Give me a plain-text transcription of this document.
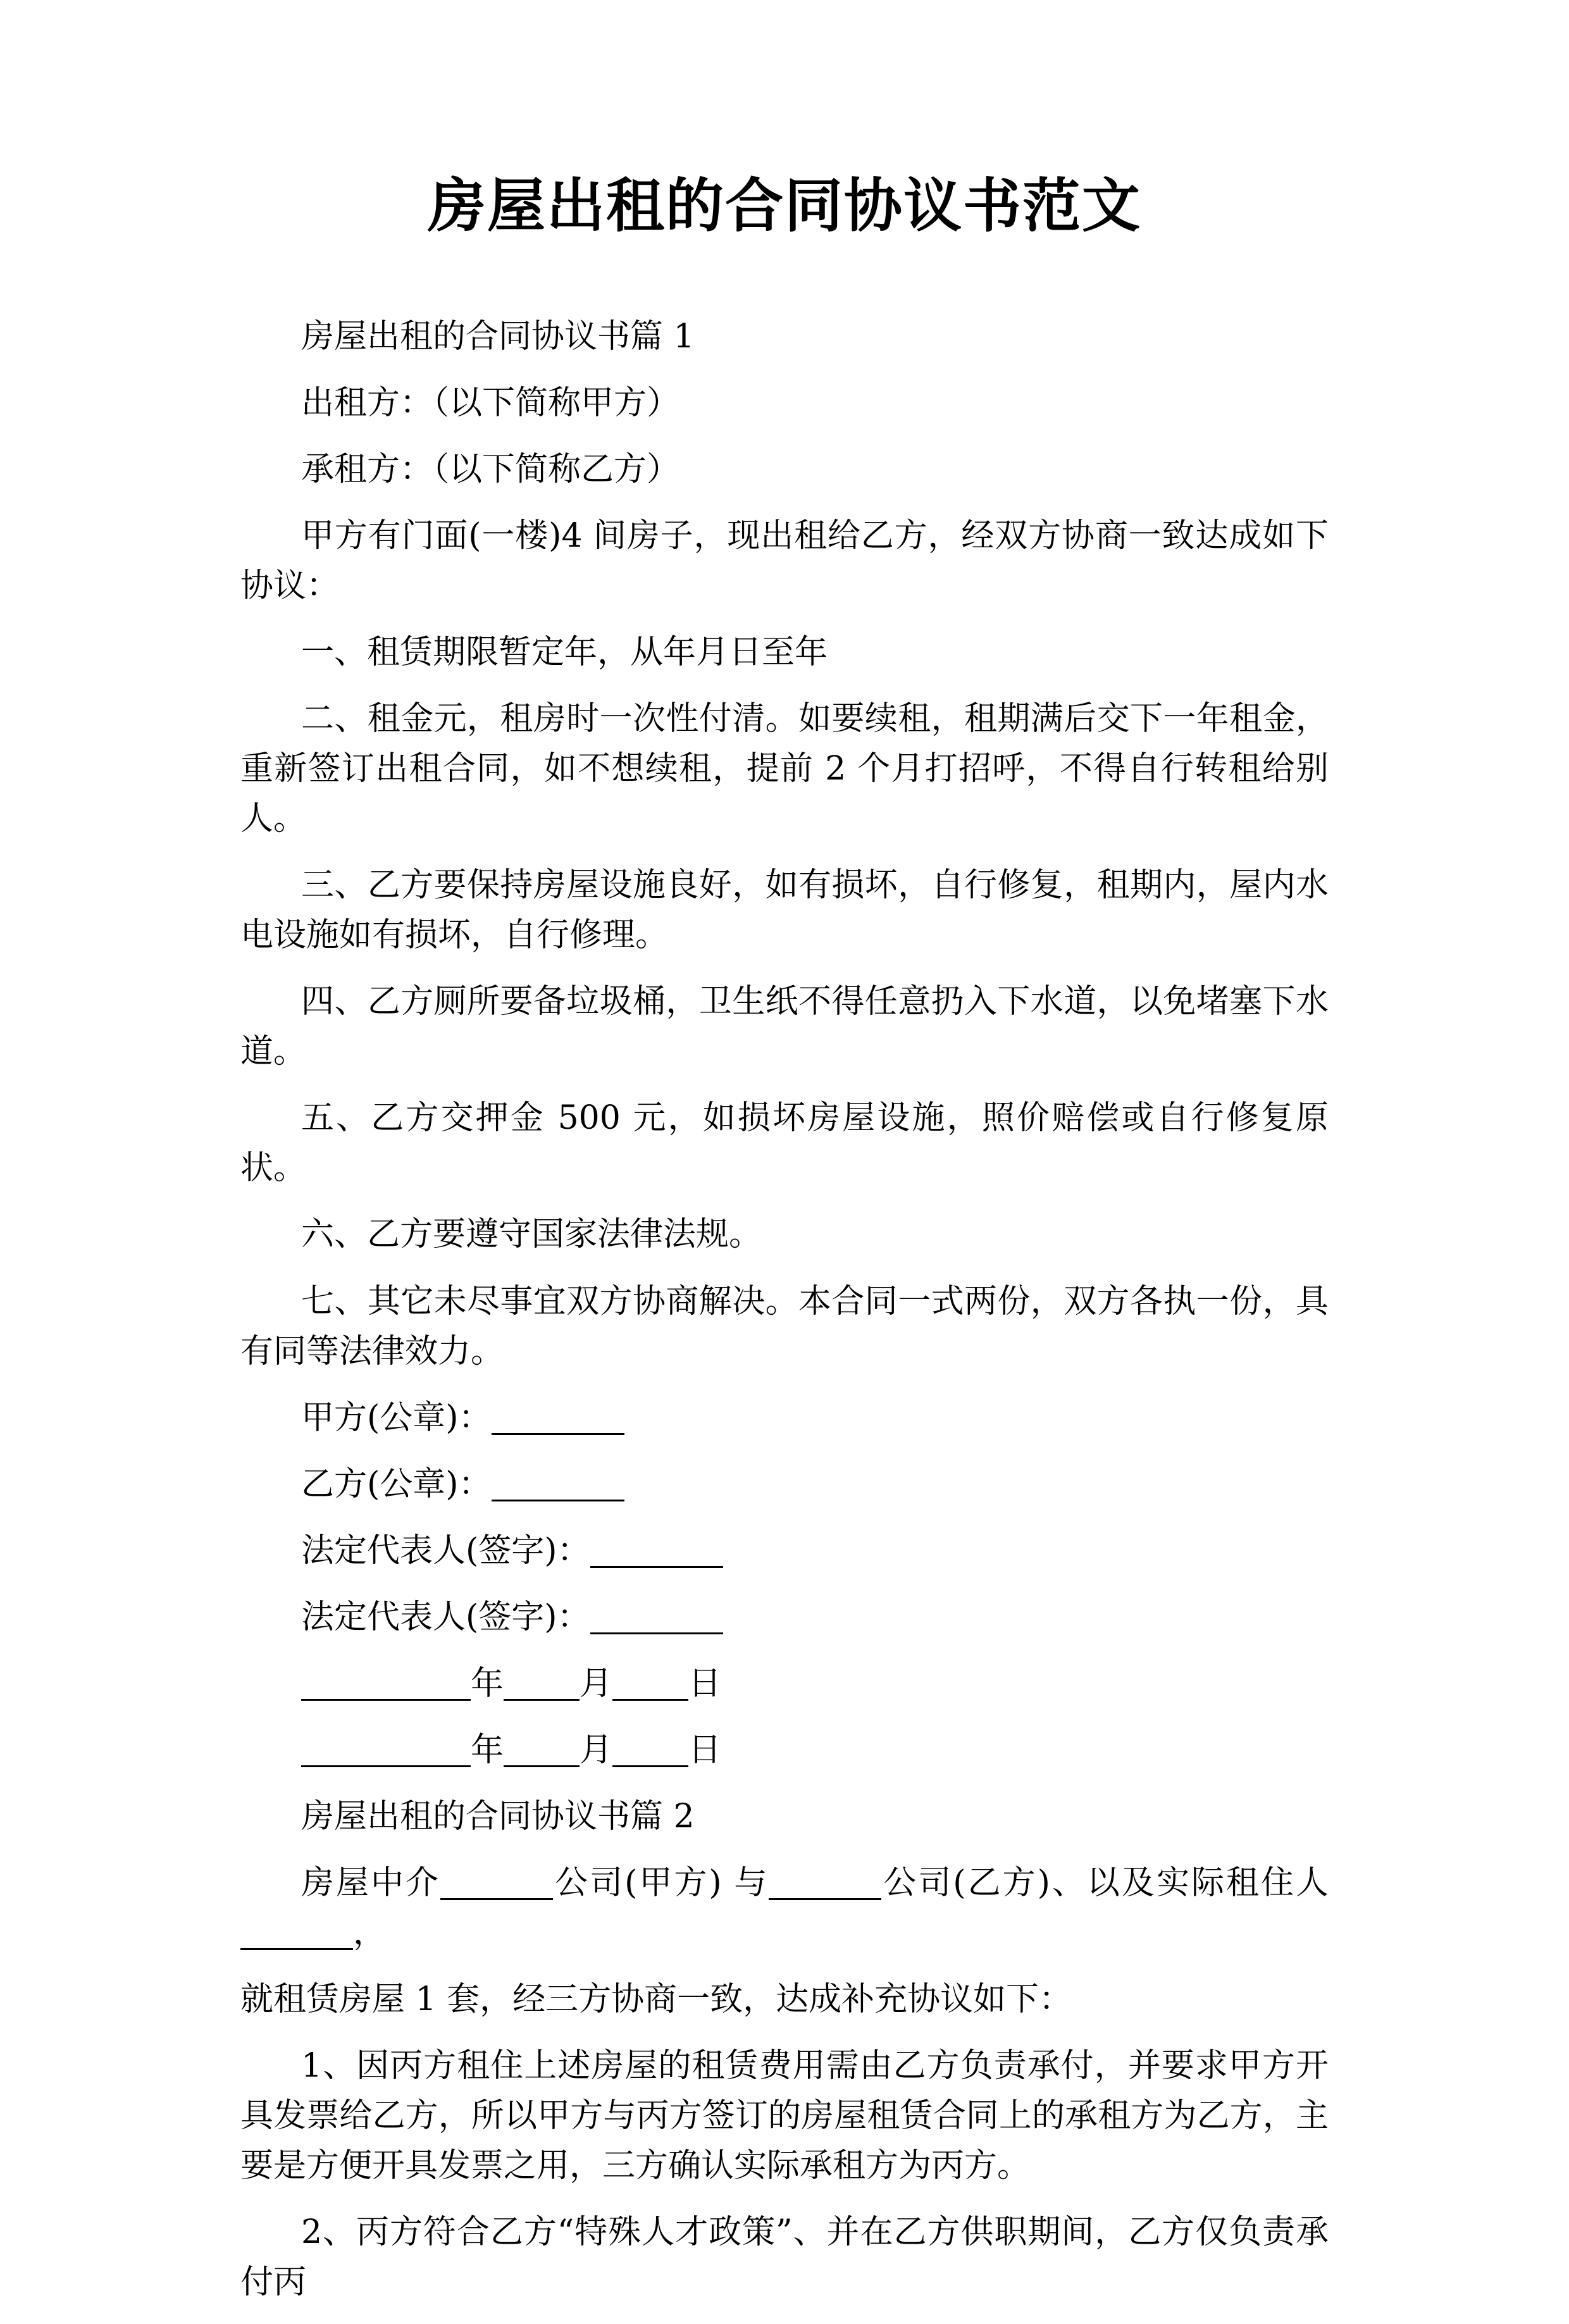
房屋出租的合同协议书范文

房屋出租的合同协议书篇 1

出租方：（以下简称甲方）

承租方：（以下简称乙方）

甲方有门面(一楼)4 间房子，现出租给乙方，经双方协商一致达成如下协议：

一、租赁期限暂定年，从年月日至年

二、租金元，租房时一次性付清。如要续租，租期满后交下一年租金，重新签订出租合同，如不想续租，提前 2 个月打招呼，不得自行转租给别人。

三、乙方要保持房屋设施良好，如有损坏，自行修复，租期内，屋内水电设施如有损坏，自行修理。

四、乙方厕所要备垃圾桶，卫生纸不得任意扔入下水道，以免堵塞下水道。

五、乙方交押金 500 元，如损坏房屋设施，照价赔偿或自行修复原状。

六、乙方要遵守国家法律法规。

七、其它未尽事宜双方协商解决。本合同一式两份，双方各执一份，具有同等法律效力。

甲方(公章)：

乙方(公章)：

法定代表人(签字)：

法定代表人(签字)：

年 月 日

年 月 日

房屋出租的合同协议书篇 2

房屋中介	公司(甲方) 与	公司(乙方)、以及实际租住人，

就租赁房屋 1 套，经三方协商一致，达成补充协议如下：

1、因丙方租住上述房屋的租赁费用需由乙方负责承付，并要求甲方开具发票给乙方，所以甲方与丙方签订的房屋租赁合同上的承租方为乙方，主要是方便开具发票之用，三方确认实际承租方为丙方。

2、丙方符合乙方“特殊人才政策”、并在乙方供职期间，乙方仅负责承付丙
